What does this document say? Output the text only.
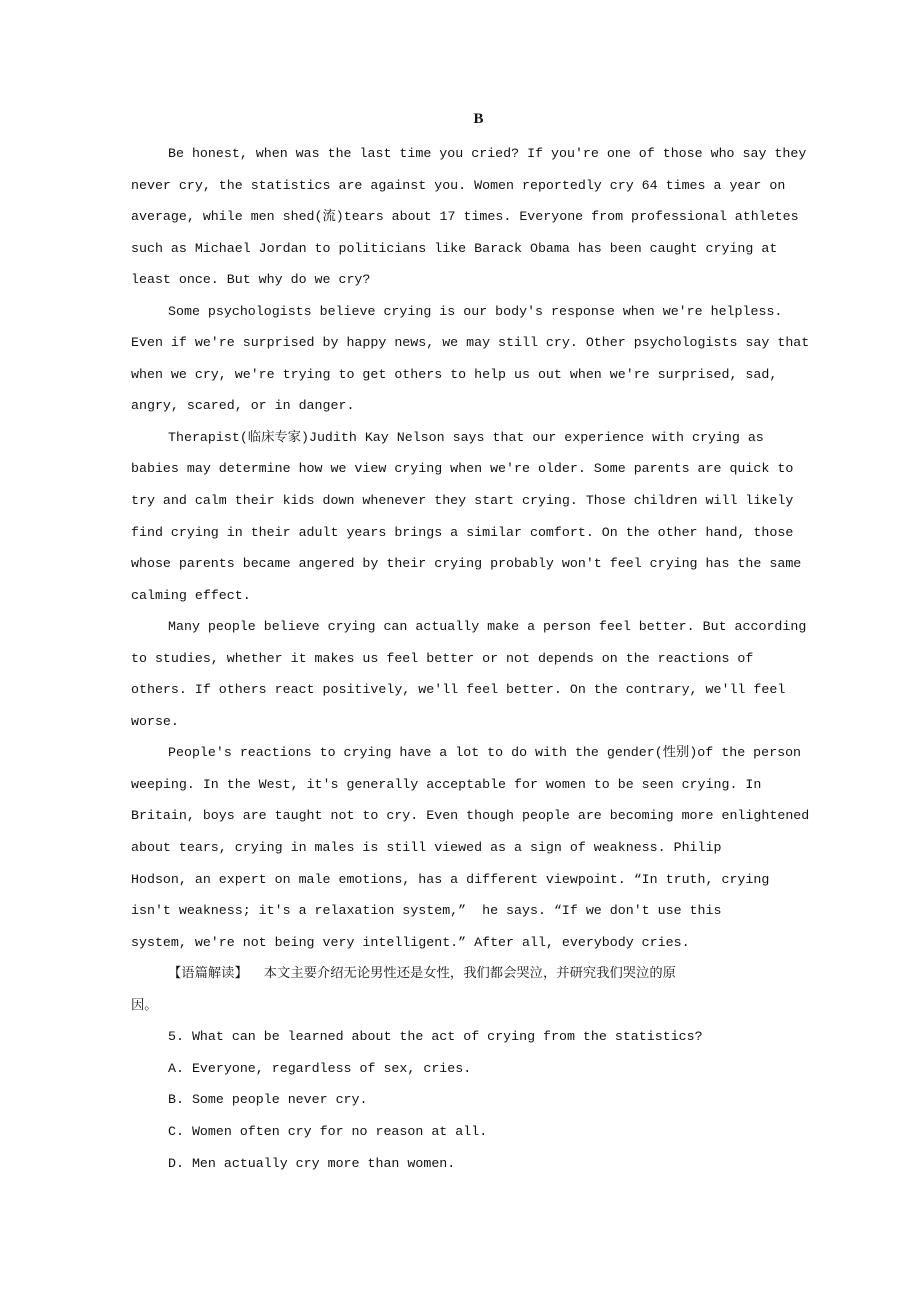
B
Be honest, when was the last time you cried? If you're one of those who say they
never cry, the statistics are against you. Women reportedly cry 64 times a year on
average, while men shed(流)tears about 17 times. Everyone from professional athletes
such as Michael Jordan to politicians like Barack Obama has been caught crying at
least once. But why do we cry?
Some psychologists believe crying is our body's response when we're helpless.
Even if we're surprised by happy news, we may still cry. Other psychologists say that
when we cry, we're trying to get others to help us out when we're surprised, sad,
angry, scared, or in danger.
Therapist(临床专家)Judith Kay Nelson says that our experience with crying as
babies may determine how we view crying when we're older. Some parents are quick to
try and calm their kids down whenever they start crying. Those children will likely
find crying in their adult years brings a similar comfort. On the other hand, those
whose parents became angered by their crying probably won't feel crying has the same
calming effect.
Many people believe crying can actually make a person feel better. But according
to studies, whether it makes us feel better or not depends on the reactions of
others. If others react positively, we'll feel better. On the contrary, we'll feel
worse.
People's reactions to crying have a lot to do with the gender(性别)of the person
weeping. In the West, it's generally acceptable for women to be seen crying. In
Britain, boys are taught not to cry. Even though people are becoming more enlightened
about tears, crying in males is still viewed as a sign of weakness. Philip
Hodson, an expert on male emotions, has a different viewpoint. “In truth, crying
isn't weakness; it's a relaxation system,”  he says. “If we don't use this
system, we're not being very intelligent.” After all, everybody cries.
【语篇解读】  本文主要介绍无论男性还是女性，我们都会哭泣，并研究我们哭泣的原
因。
5. What can be learned about the act of crying from the statistics?
A. Everyone, regardless of sex, cries.
B. Some people never cry.
C. Women often cry for no reason at all.
D. Men actually cry more than women.
